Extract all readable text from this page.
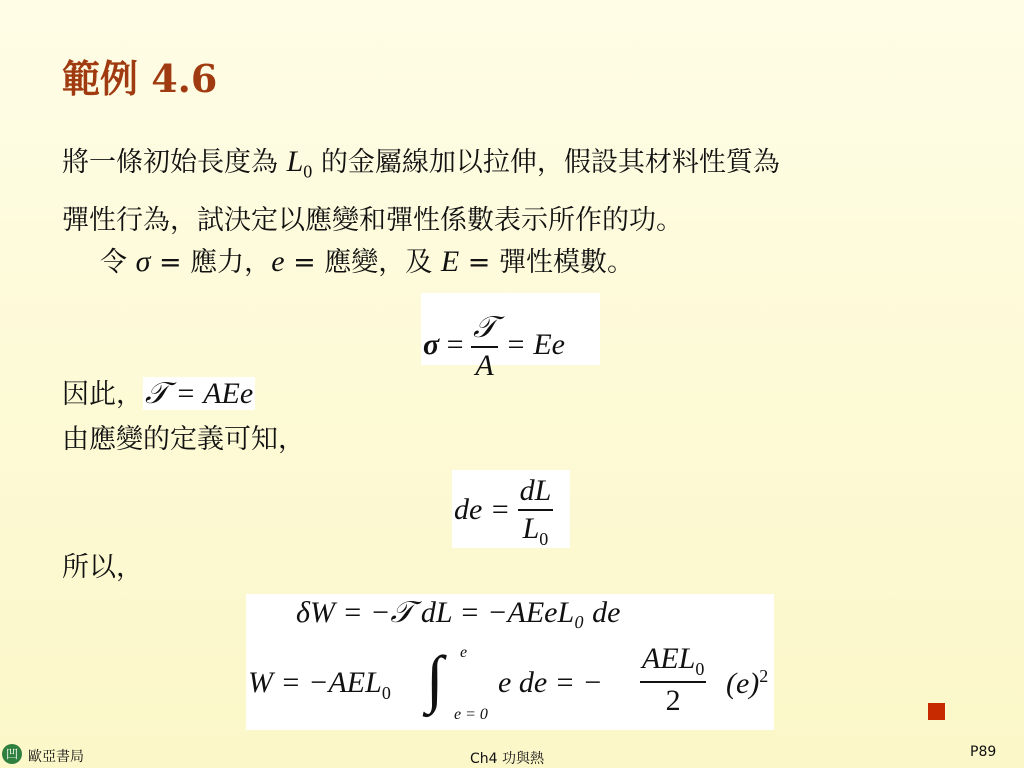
範例 4.6
將一條初始長度為 $L_0$ 的金屬線加以拉伸，假設其材料性質為
彈性行為，試決定以應變和彈性係數表示所作的功。
令 σ = 應力，e = 應變，及 E = 彈性模數。
$\sigma = \frac{\text{𝒯}}{A} = Ee$
因此，𝒯 = AEe
由應變的定義可知，
de = $\frac{dL}{L_0}$
所以，
δW = −𝒯 dL = −AEeL₀ de
$W = -AEL_0$ ∫ e
e = 0
e de = −
$AEL_0$
2
$(e)^2$
凹 歐亞書局	Ch4 功與熱	P89
